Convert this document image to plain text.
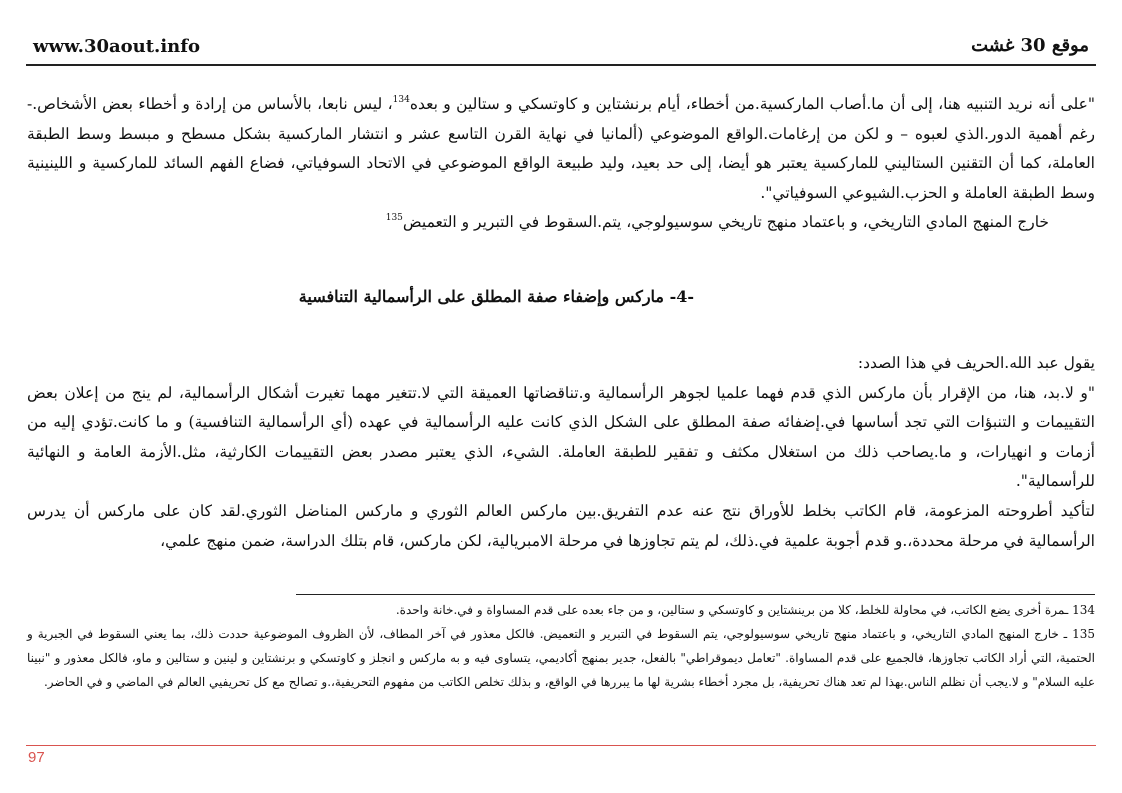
www.30aout.info	موقع 30 غشت

"على أنه نريد التنبيه هنا، إلى أن ما.أصاب الماركسية.من أخطاء، أيام برنشتاين و كاوتسكي و ستالين و بعده$^{134}$، ليس نابعا، بالأساس من إرادة و أخطاء بعض الأشخاص.- رغم أهمية الدور.الذي لعبوه – و لكن من إرغامات.الواقع الموضوعي (ألمانيا في نهاية القرن التاسع عشر و انتشار الماركسية بشكل مسطح و مبسط وسط الطبقة العاملة، كما أن التقنين الستاليني للماركسية يعتبر هو أيضا، إلى حد بعيد، وليد طبيعة الواقع الموضوعي في الاتحاد السوفياتي، فضاع الفهم السائد للماركسية و اللينينية وسط الطبقة العاملة و الحزب.الشيوعي السوفياتي".

خارج المنهج المادي التاريخي، و باعتماد منهج تاريخي سوسيولوجي، يتم.السقوط في التبرير و التعميض$^{135}$

-4- ماركس وإضفاء صفة المطلق على الرأسمالية التنافسية

يقول عبد الله.الحريف في هذا الصدد:

"و لا.بد، هنا، من الإقرار بأن ماركس الذي قدم فهما علميا لجوهر الرأسمالية و.تناقضاتها العميقة التي لا.تتغير مهما تغيرت أشكال الرأسمالية، لم ينج من إعلان بعض التقييمات و التنبؤات التي تجد أساسها في.إضفائه صفة المطلق على الشكل الذي كانت عليه الرأسمالية في عهده (أي الرأسمالية التنافسية) و ما كانت.تؤدي إليه من أزمات و انهيارات، و ما.يصاحب ذلك من استغلال مكثف و تفقير للطبقة العاملة. الشيء، الذي يعتبر مصدر بعض التقييمات الكارثية، مثل.الأزمة العامة و النهائية للرأسمالية".

لتأكيد أطروحته المزعومة، قام الكاتب بخلط للأوراق نتج عنه عدم التفريق.بين ماركس العالم الثوري و ماركس المناضل الثوري.لقد كان على ماركس أن يدرس الرأسمالية في مرحلة محددة،.و قدم أجوبة علمية في.ذلك، لم يتم تجاوزها في مرحلة الامبريالية، لكن ماركس، قام بتلك الدراسة، ضمن منهج علمي،

134 ـمرة أخرى يضع الكاتب، في محاولة للخلط، كلا من برينشتاين و كاوتسكي و ستالين، و من جاء بعده على قدم المساواة و في.خانة واحدة.

135 ـ خارج المنهج المادي التاريخي، و باعتماد منهج تاريخي سوسيولوجي، يتم السقوط في التبرير و التعميض. فالكل معذور في آخر المطاف، لأن الظروف الموضوعية حددت ذلك، بما يعني السقوط في الجبرية و الحتمية، التي أراد الكاتب تجاوزها، فالجميع على قدم المساواة. "تعامل ديموقراطي" بالفعل، جدير بمنهج أكاديمي، يتساوى فيه و به ماركس و انجلز و كاوتسكي و برنشتاين و لينين و ستالين و ماو، فالكل معذور و "نبينا عليه السلام" و لا.يجب أن نظلم الناس.بهذا لم تعد هناك تحريفية، بل مجرد أخطاء بشرية لها ما يبررها في الواقع، و بذلك تخلص الكاتب من مفهوم التحريفية،.و تصالح مع كل تحريفيي العالم في الماضي و في الحاضر.

97
